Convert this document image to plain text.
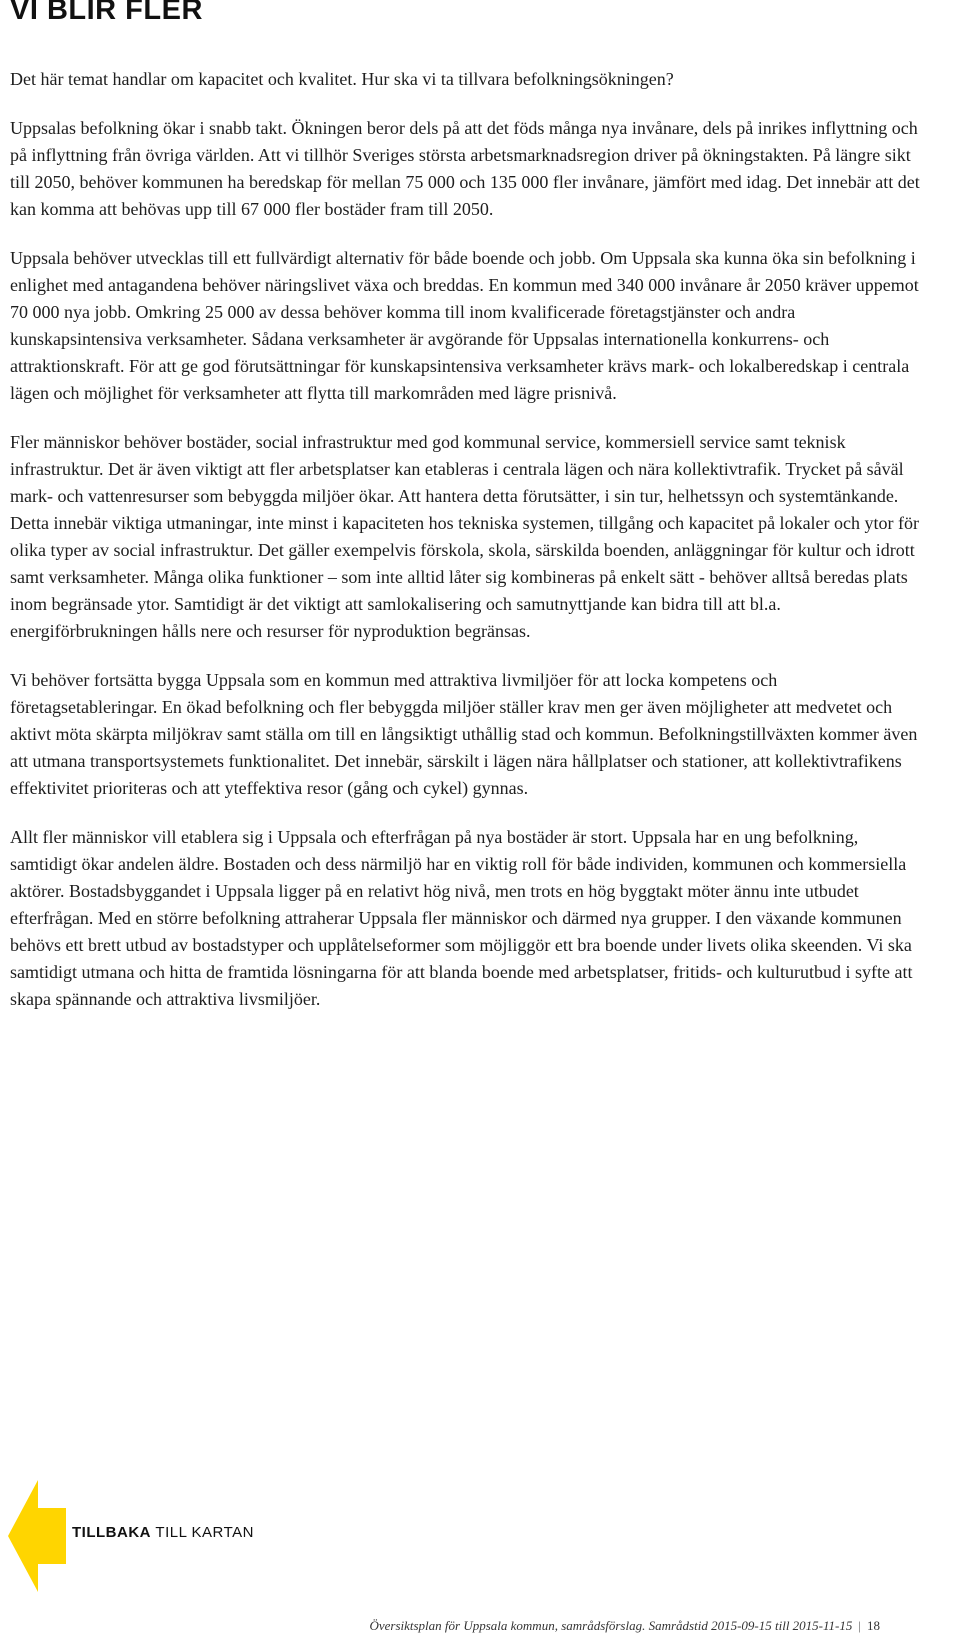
VI BLIR FLER

Det här temat handlar om kapacitet och kvalitet. Hur ska vi ta tillvara befolkningsökningen?

Uppsalas befolkning ökar i snabb takt. Ökningen beror dels på att det föds många nya invånare, dels på inrikes inflyttning och på inflyttning från övriga världen. Att vi tillhör Sveriges största arbetsmarknadsregion driver på ökningstakten. På längre sikt till 2050, behöver kommunen ha beredskap för mellan 75 000 och 135 000 fler invånare, jämfört med idag. Det innebär att det kan komma att behövas upp till 67 000 fler bostäder fram till 2050.

Uppsala behöver utvecklas till ett fullvärdigt alternativ för både boende och jobb. Om Uppsala ska kunna öka sin befolkning i enlighet med antagandena behöver näringslivet växa och breddas. En kommun med 340 000 invånare år 2050 kräver uppemot 70 000 nya jobb. Omkring 25 000 av dessa behöver komma till inom kvalificerade företagstjänster och andra kunskapsintensiva verksamheter. Sådana verksamheter är avgörande för Uppsalas internationella konkurrens- och attraktionskraft. För att ge god förutsättningar för kunskapsintensiva verksamheter krävs mark- och lokalberedskap i centrala lägen och möjlighet för verksamheter att flytta till markområden med lägre prisnivå.

Fler människor behöver bostäder, social infrastruktur med god kommunal service, kommersiell service samt teknisk infrastruktur. Det är även viktigt att fler arbetsplatser kan etableras i centrala lägen och nära kollektivtrafik. Trycket på såväl mark- och vattenresurser som bebyggda miljöer ökar. Att hantera detta förutsätter, i sin tur, helhetssyn och systemtänkande. Detta innebär viktiga utmaningar, inte minst i kapaciteten hos tekniska systemen, tillgång och kapacitet på lokaler och ytor för olika typer av social infrastruktur. Det gäller exempelvis förskola, skola, särskilda boenden, anläggningar för kultur och idrott samt verksamheter. Många olika funktioner – som inte alltid låter sig kombineras på enkelt sätt - behöver alltså beredas plats inom begränsade ytor. Samtidigt är det viktigt att samlokalisering och samutnyttjande kan bidra till att bl.a. energiförbrukningen hålls nere och resurser för nyproduktion begränsas.

Vi behöver fortsätta bygga Uppsala som en kommun med attraktiva livmiljöer för att locka kompetens och företagsetableringar. En ökad befolkning och fler bebyggda miljöer ställer krav men ger även möjligheter att medvetet och aktivt möta skärpta miljökrav samt ställa om till en långsiktigt uthållig stad och kommun. Befolkningstillväxten kommer även att utmana transportsystemets funktionalitet. Det innebär, särskilt i lägen nära hållplatser och stationer, att kollektivtrafikens effektivitet prioriteras och att yteffektiva resor (gång och cykel) gynnas.

Allt fler människor vill etablera sig i Uppsala och efterfrågan på nya bostäder är stort. Uppsala har en ung befolkning, samtidigt ökar andelen äldre. Bostaden och dess närmiljö har en viktig roll för både individen, kommunen och kommersiella aktörer. Bostadsbyggandet i Uppsala ligger på en relativt hög nivå, men trots en hög byggtakt möter ännu inte utbudet efterfrågan. Med en större befolkning attraherar Uppsala fler människor och därmed nya grupper. I den växande kommunen behövs ett brett utbud av bostadstyper och upplåtelseformer som möjliggör ett bra boende under livets olika skeenden. Vi ska samtidigt utmana och hitta de framtida lösningarna för att blanda boende med arbetsplatser, fritids- och kulturutbud i syfte att skapa spännande och attraktiva livsmiljöer.

TILLBAKA TILL KARTAN
Översiktsplan för Uppsala kommun, samrådsförslag. Samrådstid 2015-09-15 till 2015-11-15 | 18
